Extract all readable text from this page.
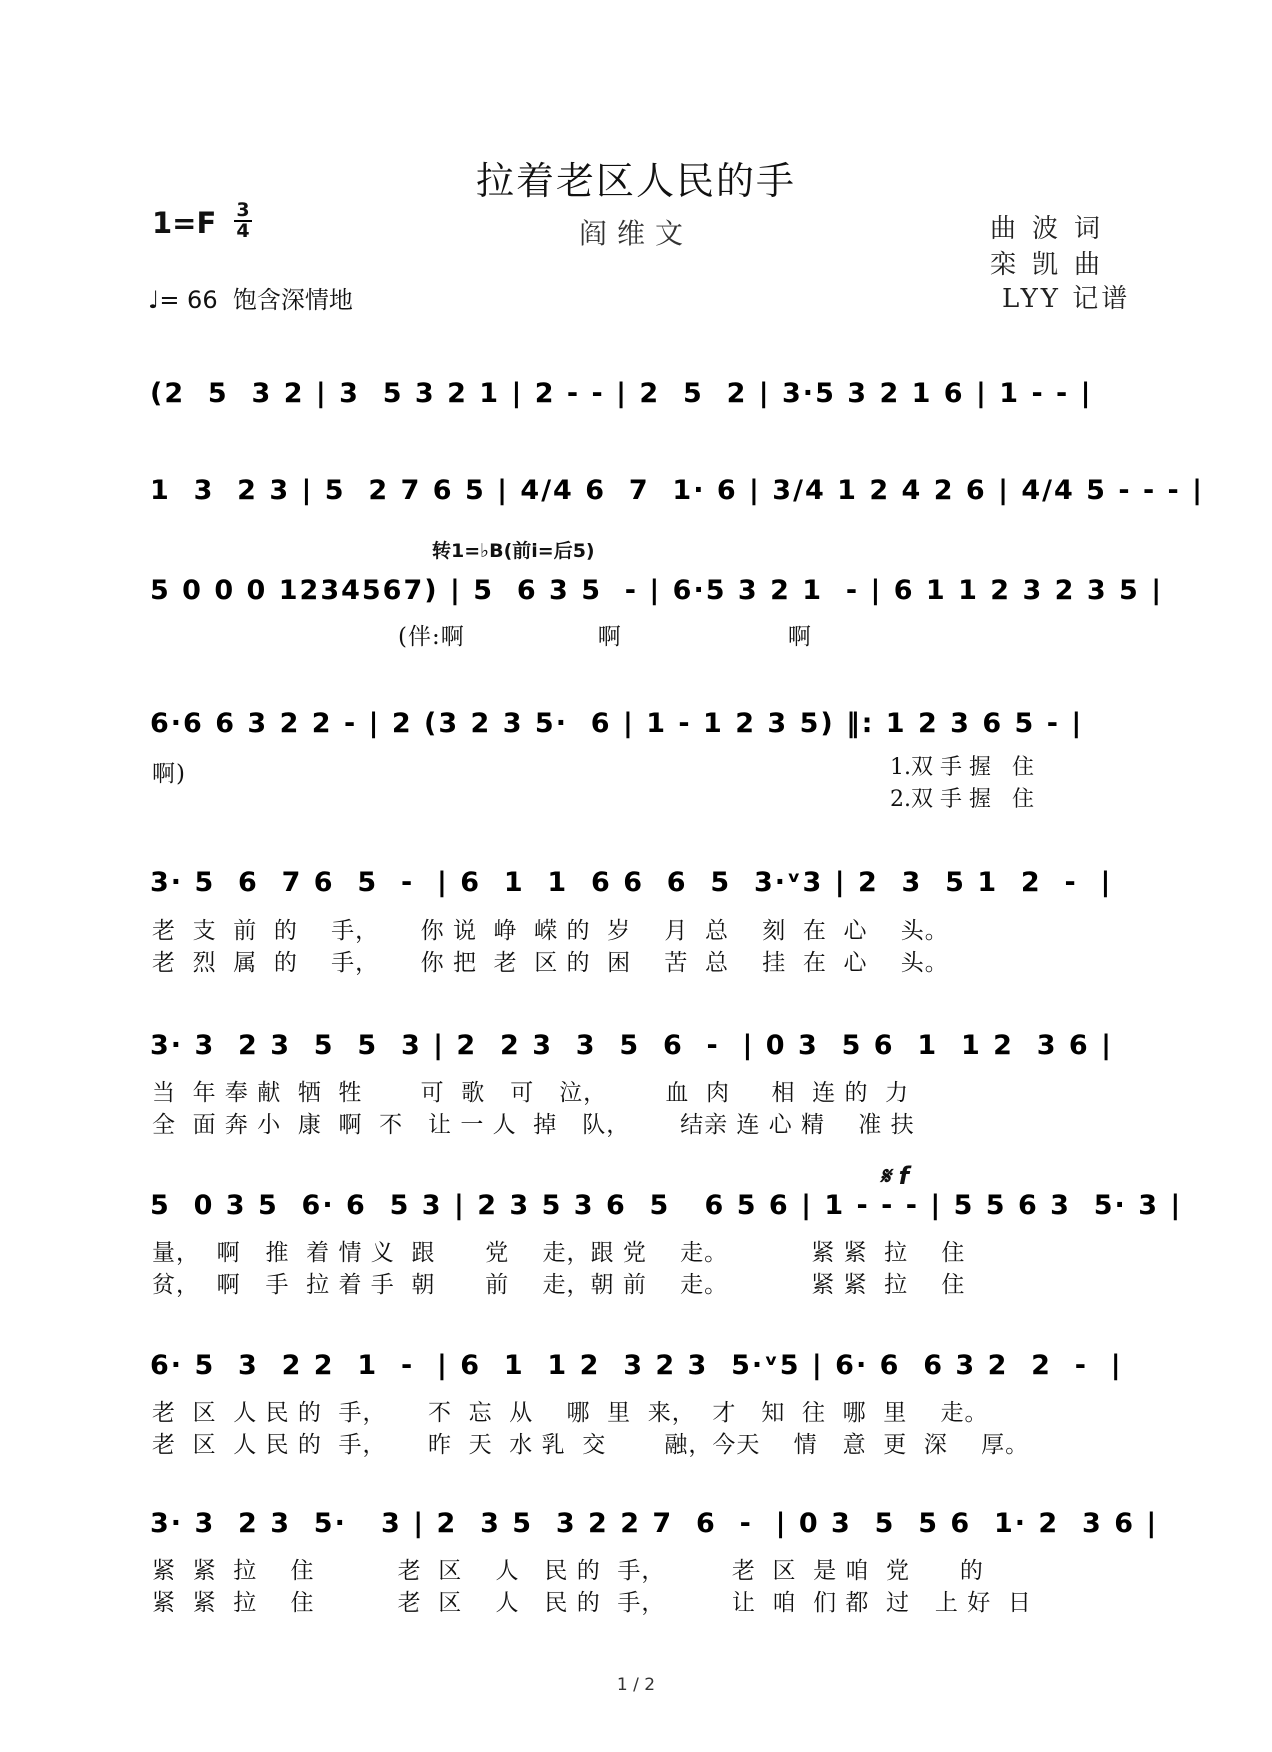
拉着老区人民的手
1=F 3
4	阎维文	曲波词
栾凯曲
LYY 记谱
♩= 66  饱含深情地
转1=♭B(前i=后5)
(伴:啊                啊                    啊
啊)
𝄋 f
(2  5  3 2 | 3  5 3 2 1 | 2 - - | 2  5  2 | 3·5 3 2 1 6 | 1 - - |
1  3  2 3 | 5  2 7 6 5 | 4/4 6  7  1· 6 | 3/4 1 2 4 2 6 | 4/4 5 - - - |
5 0 0 0 1234567) | 5  6 3 5  - | 6·5 3 2 1  - | 6 1 1 2 3 2 3 5 |
6·6 6 3 2 2 - | 2 (3 2 3 5·  6 | 1 - 1 2 3 5) ‖: 1 2 3 6 5 - |
1.双 手 握   住
2.双 手 握   住
3· 5  6  7 6  5  -  | 6  1  1  6 6  6  5  3·ᵛ3 | 2  3  5 1  2  -  |
老  支  前  的    手，     你 说  峥  嵘 的  岁    月  总    刻  在  心    头。
老  烈  属  的    手，     你 把  老  区 的  困    苦  总    挂  在  心    头。
3· 3  2 3  5  5  3 | 2  2 3  3  5  6  -  | 0 3  5 6  1  1 2  3 6 |
当  年 奉 献  牺  牲       可  歌   可   泣，       血  肉     相  连 的  力
全  面 奔 小  康  啊  不   让 一 人  掉   队，      结亲 连 心 精    准 扶
5  0 3 5  6· 6  5 3 | 2 3 5 3 6  5   6 5 6 | 1 - - - | 5 5 6 3  5· 3 |
量，  啊   推  着 情 义  跟      党    走，跟 党    走。          紧 紧  拉    住
贫，  啊   手  拉 着 手  朝      前    走，朝 前    走。          紧 紧  拉    住
6· 5  3  2 2  1  -  | 6  1  1 2  3 2 3  5·ᵛ5 | 6· 6  6 3 2  2  -  |
老  区  人 民 的  手，     不  忘  从    哪  里  来，  才   知  往  哪  里    走。
老  区  人 民 的  手，     昨  天  水 乳  交       融，今天    情   意  更  深    厚。
3· 3  2 3  5·   3 | 2  3 5  3 2 2 7  6  -  | 0 3  5  5 6  1· 2  3 6 |
紧  紧  拉    住          老  区    人   民 的  手，        老  区  是 咱  党      的
紧  紧  拉    住          老  区    人   民 的  手，        让  咱  们 都  过   上 好  日
1 / 2
